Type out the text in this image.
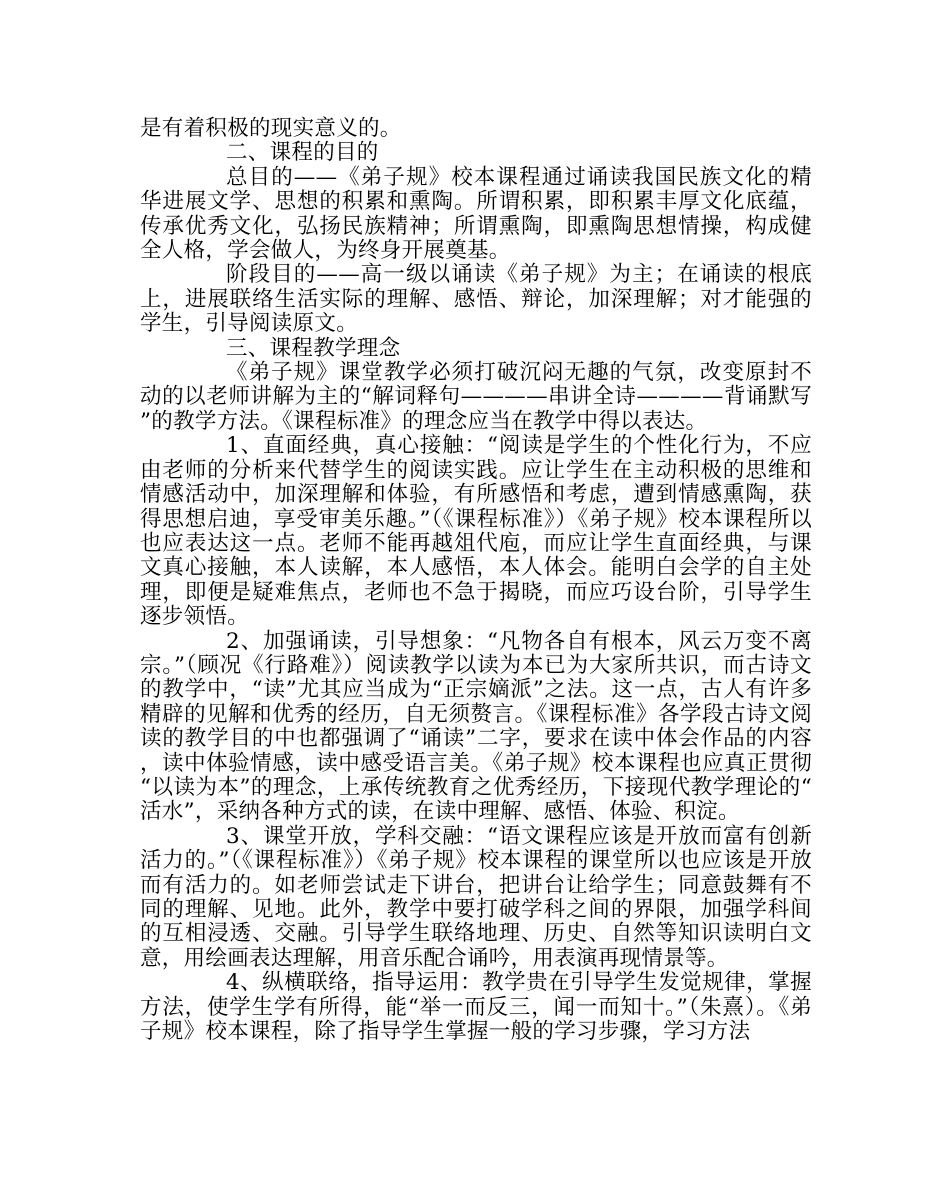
是有着积极的现实意义的。

二、课程的目的

总目的——《弟子规》校本课程通过诵读我国民族文化的精华进展文学、思想的积累和熏陶。所谓积累，即积累丰厚文化底蕴，传承优秀文化，弘扬民族精神；所谓熏陶，即熏陶思想情操，构成健全人格，学会做人，为终身开展奠基。

阶段目的——高一级以诵读《弟子规》为主；在诵读的根底上，进展联络生活实际的理解、感悟、辩论，加深理解；对才能强的学生，引导阅读原文。

三、课程教学理念

《弟子规》课堂教学必须打破沉闷无趣的气氛，改变原封不动的以老师讲解为主的“解词释句————串讲全诗————背诵默写”的教学方法。《课程标准》的理念应当在教学中得以表达。

1、直面经典，真心接触：“阅读是学生的个性化行为，不应由老师的分析来代替学生的阅读实践。应让学生在主动积极的思维和情感活动中，加深理解和体验，有所感悟和考虑，遭到情感熏陶，获得思想启迪，享受审美乐趣。”（《课程标准》）《弟子规》校本课程所以也应表达这一点。老师不能再越俎代庖，而应让学生直面经典，与课文真心接触，本人读解，本人感悟，本人体会。能明白会学的自主处理，即便是疑难焦点，老师也不急于揭晓，而应巧设台阶，引导学生逐步领悟。

2、加强诵读，引导想象：“凡物各自有根本，风云万变不离宗。”（顾况《行路难》）阅读教学以读为本已为大家所共识，而古诗文的教学中，“读”尤其应当成为“正宗嫡派”之法。这一点，古人有许多精辟的见解和优秀的经历，自无须赘言。《课程标准》各学段古诗文阅读的教学目的中也都强调了“诵读”二字，要求在读中体会作品的内容，读中体验情感，读中感受语言美。《弟子规》校本课程也应真正贯彻“以读为本”的理念，上承传统教育之优秀经历，下接现代教学理论的“活水”，采纳各种方式的读，在读中理解、感悟、体验、积淀。

3、课堂开放，学科交融：“语文课程应该是开放而富有创新活力的。”（《课程标准》）《弟子规》校本课程的课堂所以也应该是开放而有活力的。如老师尝试走下讲台，把讲台让给学生；同意鼓舞有不同的理解、见地。此外，教学中要打破学科之间的界限，加强学科间的互相浸透、交融。引导学生联络地理、历史、自然等知识读明白文意，用绘画表达理解，用音乐配合诵吟，用表演再现情景等。

4、纵横联络，指导运用：教学贵在引导学生发觉规律，掌握方法，使学生学有所得，能“举一而反三，闻一而知十。”（朱熹）。《弟子规》校本课程，除了指导学生掌握一般的学习步骤，学习方法
